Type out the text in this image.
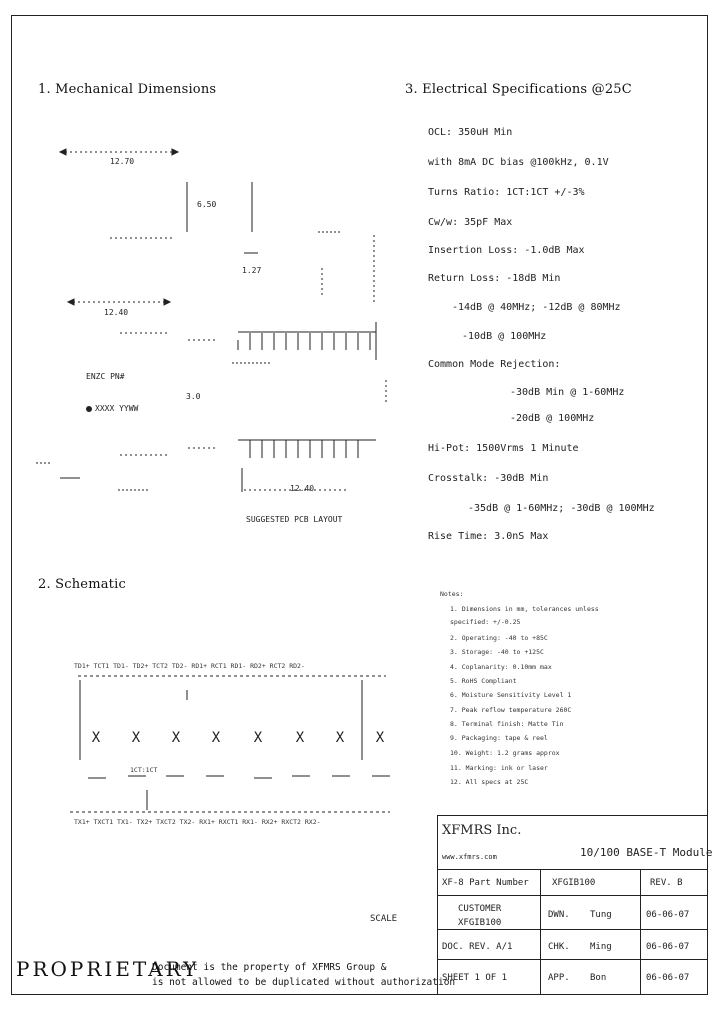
1. Mechanical Dimensions	3. Electrical Specifications @25C
2. Schematic
OCL: 350uH Min
with 8mA DC bias @100kHz, 0.1V
Turns Ratio: 1CT:1CT +/-3%
Cw/w: 35pF Max
Insertion Loss: -1.0dB Max
Return Loss: -18dB Min
-14dB @ 40MHz; -12dB @ 80MHz
-10dB @ 100MHz
Common Mode Rejection:
-30dB Min @ 1-60MHz
-20dB @ 100MHz
Hi-Pot: 1500Vrms 1 Minute
Crosstalk: -30dB Min
-35dB @ 1-60MHz; -30dB @ 100MHz
Rise Time: 3.0nS Max
12.70
6.50
1.27
12.40
ENZC PN#
XXXX YYWW
3.0
12.40
SUGGESTED PCB LAYOUT
TD1+ TCT1 TD1- TD2+ TCT2 TD2- RD1+ RCT1 RD1- RD2+ RCT2 RD2-
X X X X X X X X
1CT:1CT
TX1+ TXCT1 TX1- TX2+ TXCT2 TX2- RX1+ RXCT1 RX1- RX2+ RXCT2 RX2-
Notes:
1. Dimensions in mm, tolerances unless
specified: +/-0.25
2. Operating: -40 to +85C
3. Storage: -40 to +125C
4. Coplanarity: 0.10mm max
5. RoHS Compliant
6. Moisture Sensitivity Level 1
7. Peak reflow temperature 260C
8. Terminal finish: Matte Tin
9. Packaging: tape & reel
10. Weight: 1.2 grams approx
11. Marking: ink or laser
12. All specs at 25C
XFMRS Inc.
www.xfmrs.com	10/100 BASE-T Module
XF-8 Part Number	XFGIB100	REV. B
CUSTOMER
XFGIB100
DWN. Tung	06-06-07
DOC. REV. A/1	CHK. Ming	06-06-07
SHEET 1 OF 1	APP. Bon	06-06-07
SCALE
PROPRIETARY
Document is the property of XFMRS Group &
is not allowed to be duplicated without authorization
